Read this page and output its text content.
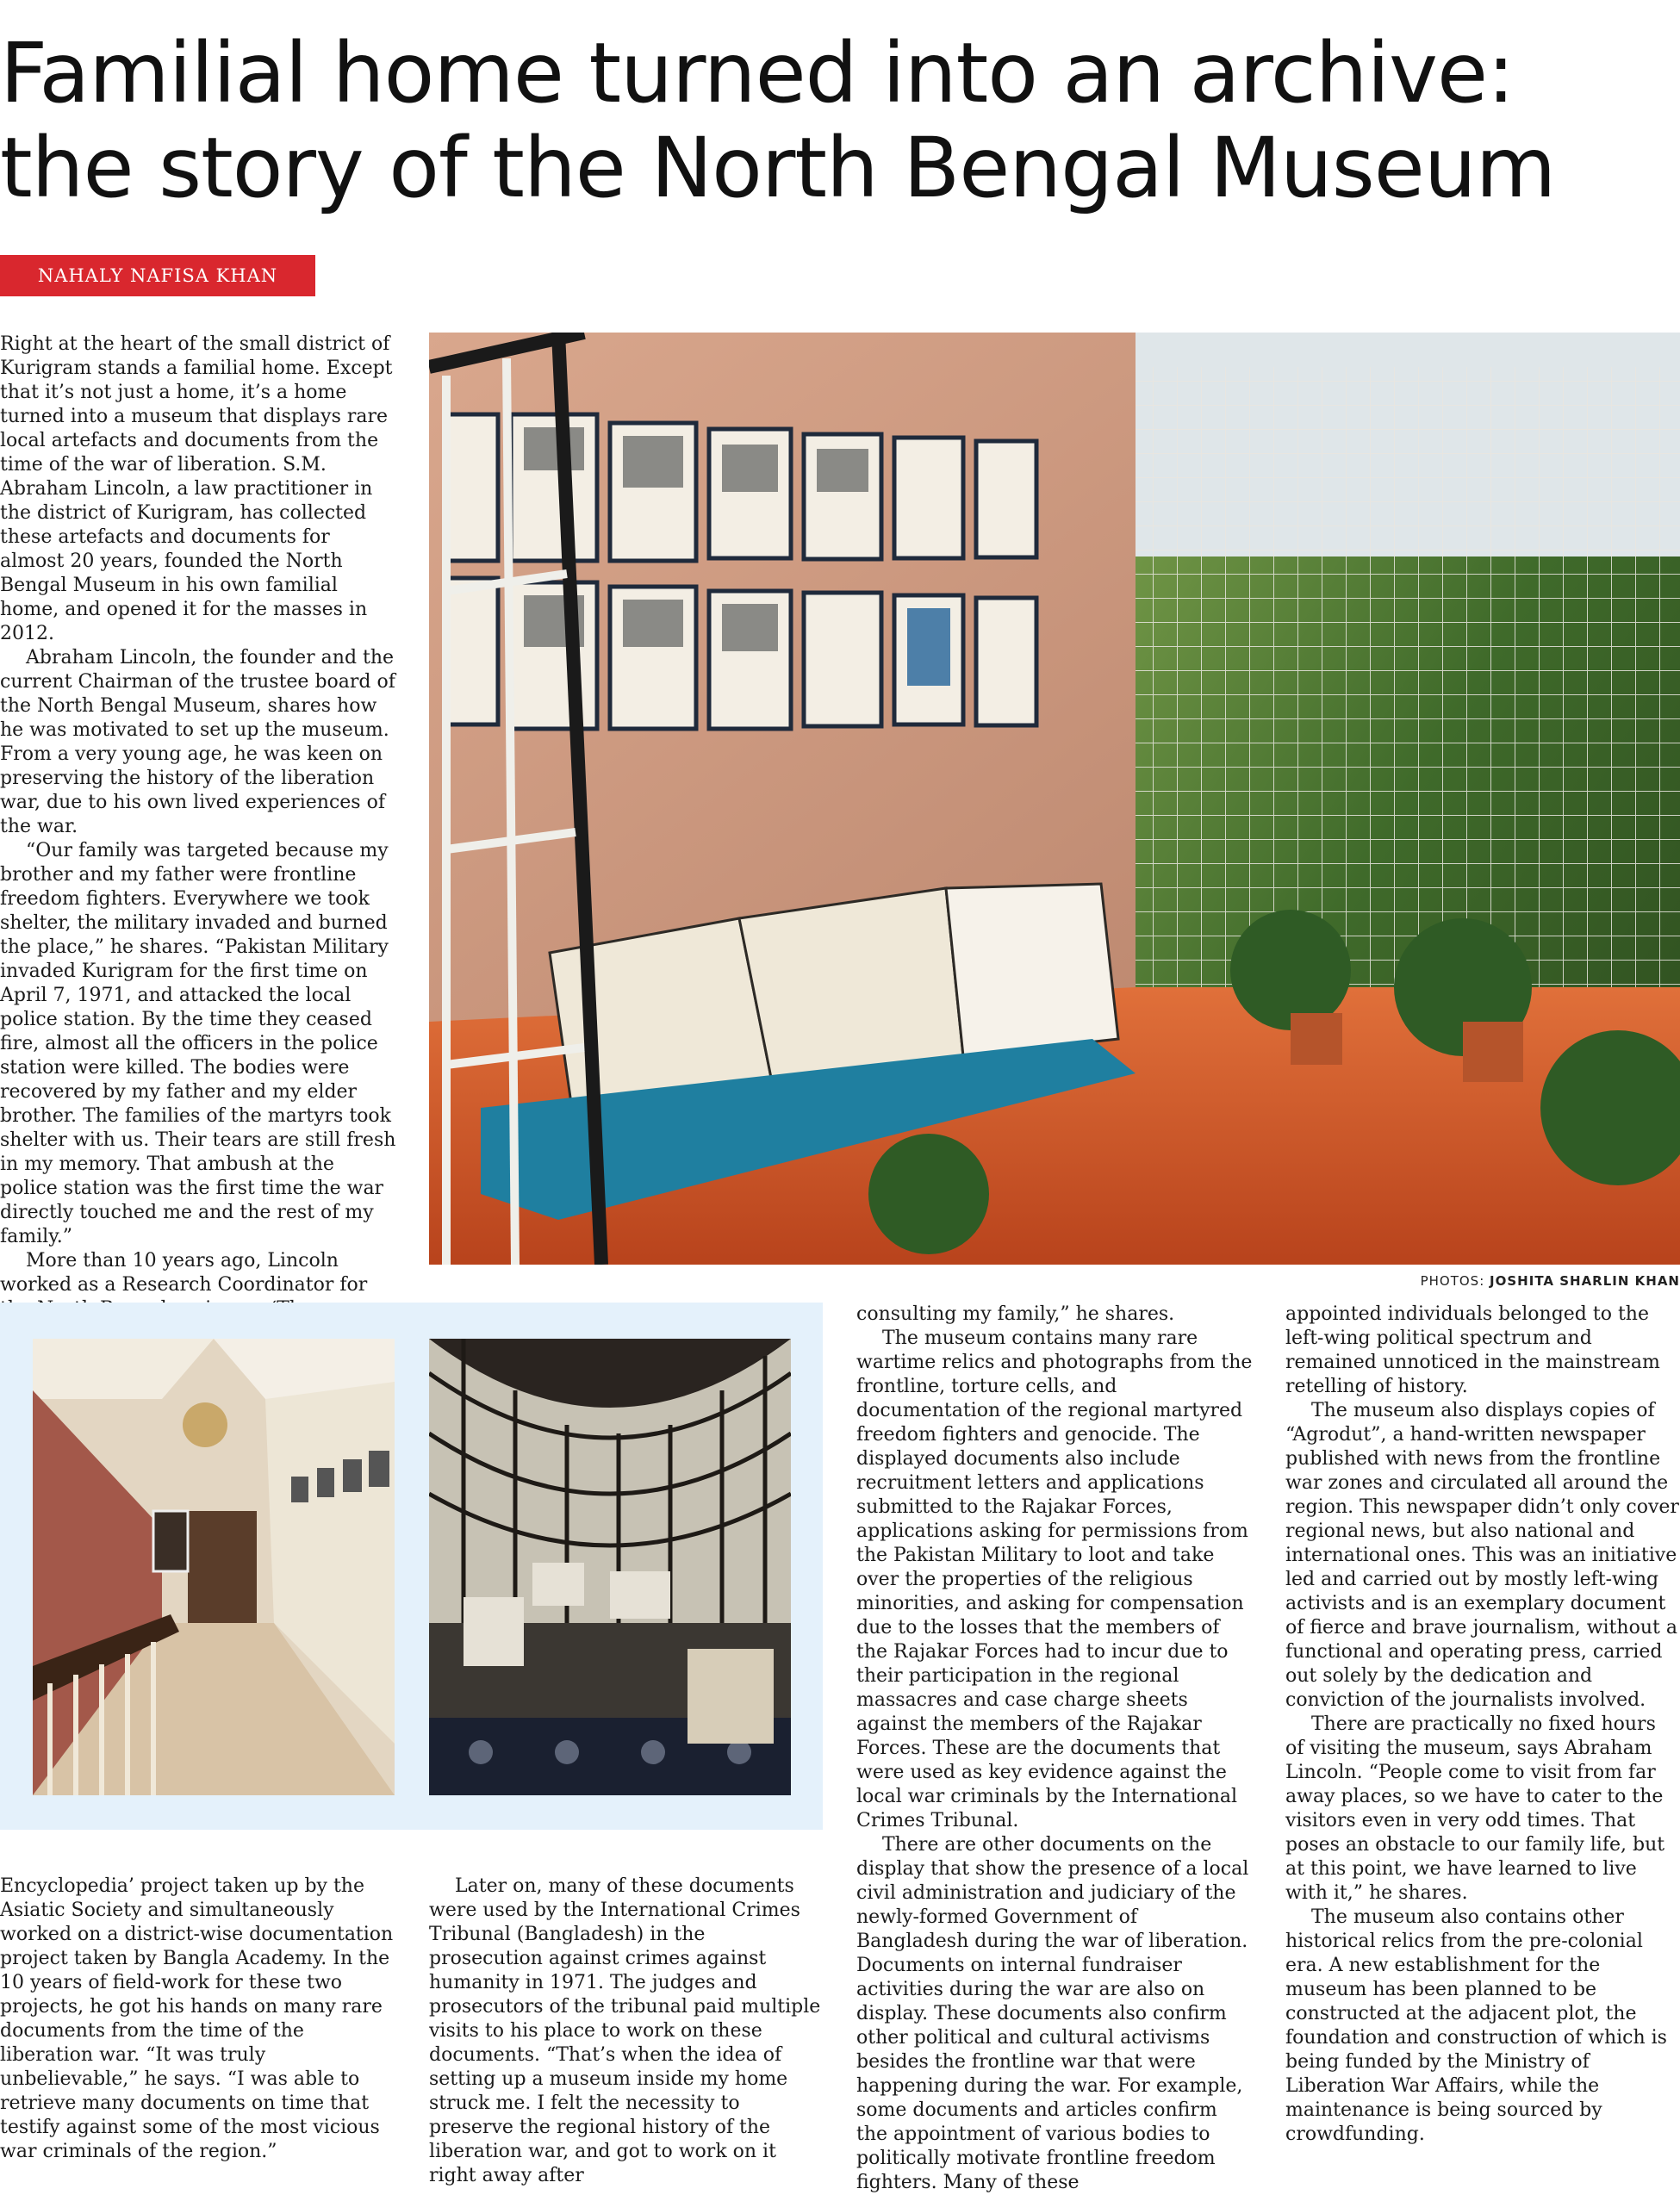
Familial home turned into an archive:
the story of the North Bengal Museum
NAHALY NAFISA KHAN

Right at the heart of the small district of Kurigram stands a familial home. Except that it’s not just a home, it’s a home turned into a museum that displays rare local artefacts and documents from the time of the war of liberation. S.M. Abraham Lincoln, a law practitioner in the district of Kurigram, has collected these artefacts and documents for almost 20 years, founded the North Bengal Museum in his own familial home, and opened it for the masses in 2012.

Abraham Lincoln, the founder and the current Chairman of the trustee board of the North Bengal Museum, shares how he was motivated to set up the museum. From a very young age, he was keen on preserving the history of the liberation war, due to his own lived experiences of the war.

“Our family was targeted because my brother and my father were frontline freedom fighters. Everywhere we took shelter, the military invaded and burned the place,” he shares. “Pakistan Military invaded Kurigram for the first time on April 7, 1971, and attacked the local police station. By the time they ceased fire, almost all the officers in the police station were killed. The bodies were recovered by my father and my elder brother. The families of the martyrs took shelter with us. Their tears are still fresh in my memory. That ambush at the police station was the first time the war directly touched me and the rest of my family.”

More than 10 years ago, Lincoln worked as a Research Coordinator for	PHOTOS: JOSHITA SHARLIN KHAN

consulting my family,” he shares.

The museum contains many rare wartime relics and photographs from the frontline, torture cells, and documentation of the regional martyred freedom fighters and genocide. The displayed documents also include recruitment letters and applications submitted to the Rajakar Forces, applications asking for permissions from the Pakistan Military to loot and take over the properties of the religious minorities, and asking for compensation due to the losses that the members of the Rajakar Forces had to incur due to their participation in the regional massacres and case charge sheets against the members of the Rajakar Forces. These are the documents that were used as key evidence against the local war criminals by the International Crimes Tribunal.

There are other documents on the display that show the presence of a local civil administration and judiciary of the newly-formed Government of Bangladesh during the war of liberation. Documents on internal fundraiser activities during the war are also on display. These documents also confirm other political and cultural activisms besides the frontline war that were happening during the war. For example, some documents and articles confirm the appointment of various bodies to politically motivate frontline freedom fighters. Many of these

appointed individuals belonged to the left-wing political spectrum and remained unnoticed in the mainstream retelling of history.

The museum also displays copies of “Agrodut”, a hand-written newspaper published with news from the frontline war zones and circulated all around the region. This newspaper didn’t only cover regional news, but also national and international ones. This was an initiative led and carried out by mostly left-wing activists and is an exemplary document of fierce and brave journalism, without a functional and operating press, carried out solely by the dedication and conviction of the journalists involved.

There are practically no fixed hours of visiting the museum, says Abraham Lincoln. “People come to visit from far away places, so we have to cater to the visitors even in very odd times. That poses an obstacle to our family life, but at this point, we have learned to live with it,” he shares.

The museum also contains other historical relics from the pre-colonial era. A new establishment for the museum has been planned to be constructed at the adjacent plot, the foundation and construction of which is being funded by the Ministry of Liberation War Affairs, while the maintenance is being sourced by crowdfunding.

Encyclopedia’ project taken up by the Asiatic Society and simultaneously worked on a district-wise documentation project taken by Bangla Academy. In the 10 years of field-work for these two projects, he got his hands on many rare documents from the time of the liberation war. “It was truly unbelievable,” he says. “I was able to retrieve many documents on time that testify against some of the most vicious war criminals of the region.”

Later on, many of these documents were used by the International Crimes Tribunal (Bangladesh) in the prosecution against crimes against humanity in 1971. The judges and prosecutors of the tribunal paid multiple visits to his place to work on these documents. “That’s when the idea of setting up a museum inside my home struck me. I felt the necessity to preserve the regional history of the liberation war, and got to work on it right away after
